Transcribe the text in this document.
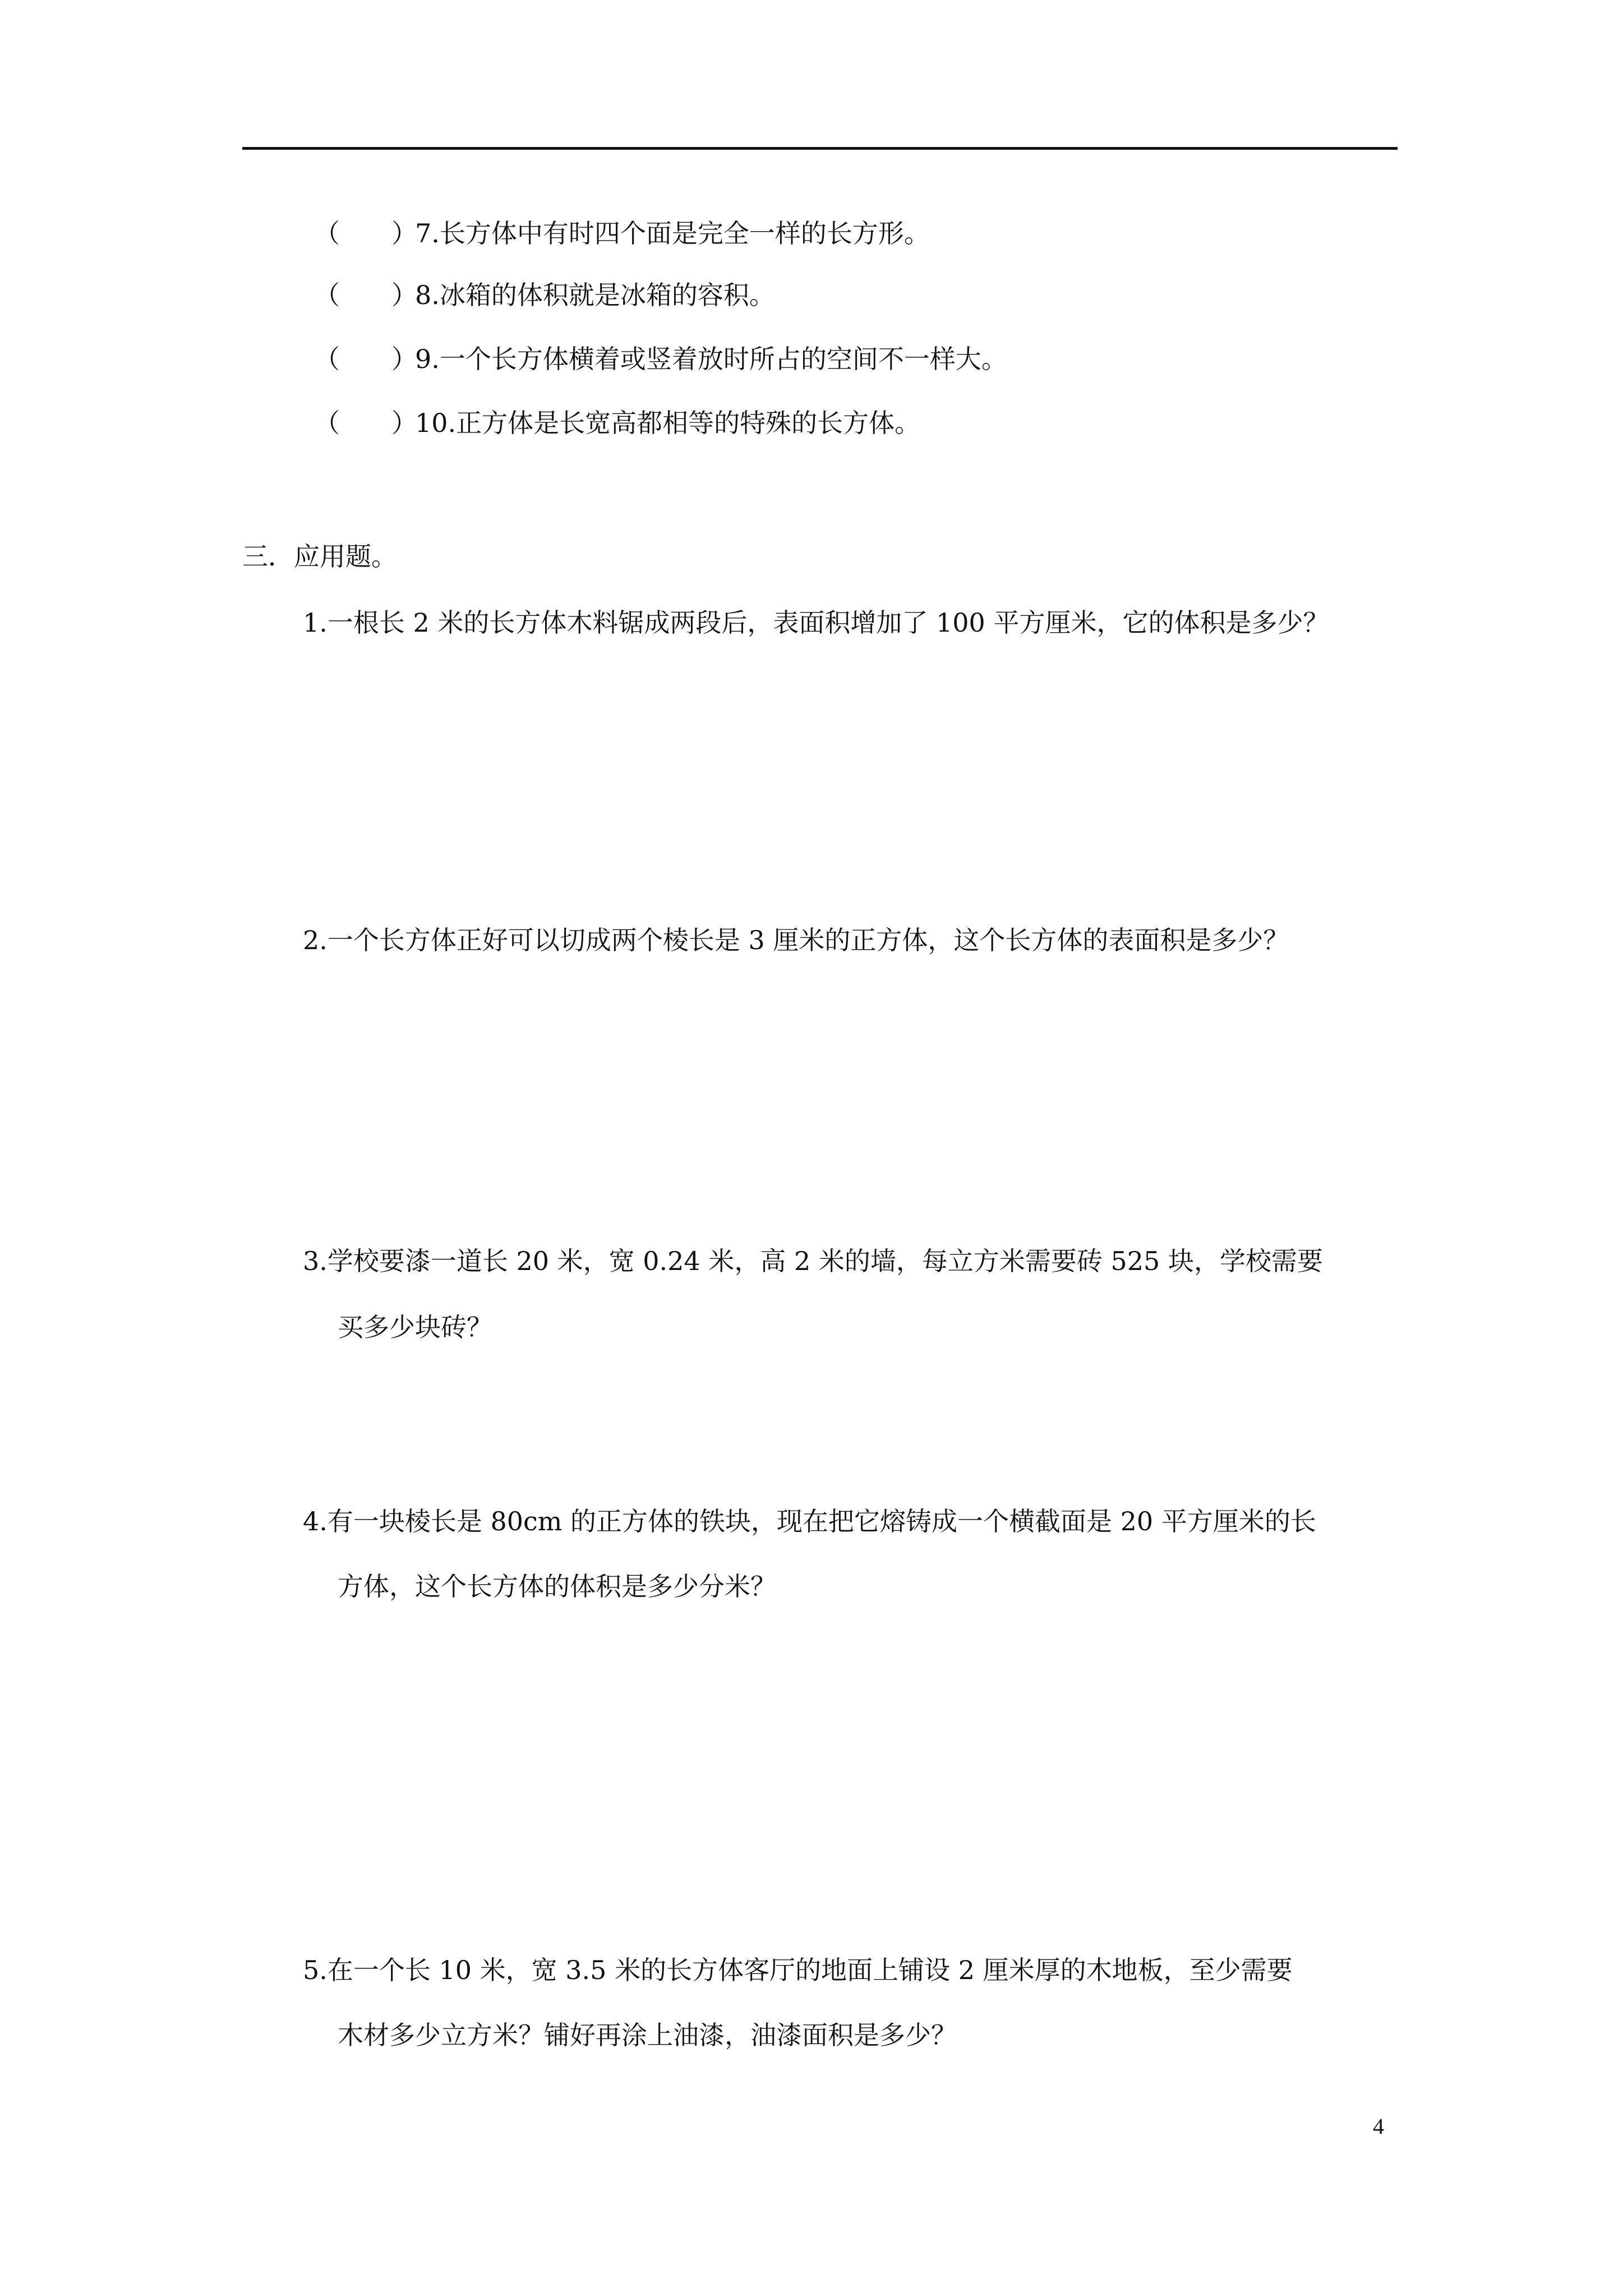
（　　）
7.长方体中有时四个面是完全一样的长方形。
（　　）
8.冰箱的体积就是冰箱的容积。
（　　）
9.一个长方体横着或竖着放时所占的空间不一样大。
（　　）
10.正方体是长宽高都相等的特殊的长方体。
三．应用题。
1.一根长 2 米的长方体木料锯成两段后，表面积增加了 100 平方厘米，它的体积是多少？
2.一个长方体正好可以切成两个棱长是 3 厘米的正方体，这个长方体的表面积是多少？
3.学校要漆一道长 20 米，宽 0.24 米，高 2 米的墙，每立方米需要砖 525 块，学校需要
买多少块砖？
4.有一块棱长是 80cm 的正方体的铁块，现在把它熔铸成一个横截面是 20 平方厘米的长
方体，这个长方体的体积是多少分米？
5.在一个长 10 米，宽 3.5 米的长方体客厅的地面上铺设 2 厘米厚的木地板，至少需要
木材多少立方米？铺好再涂上油漆，油漆面积是多少？
4
